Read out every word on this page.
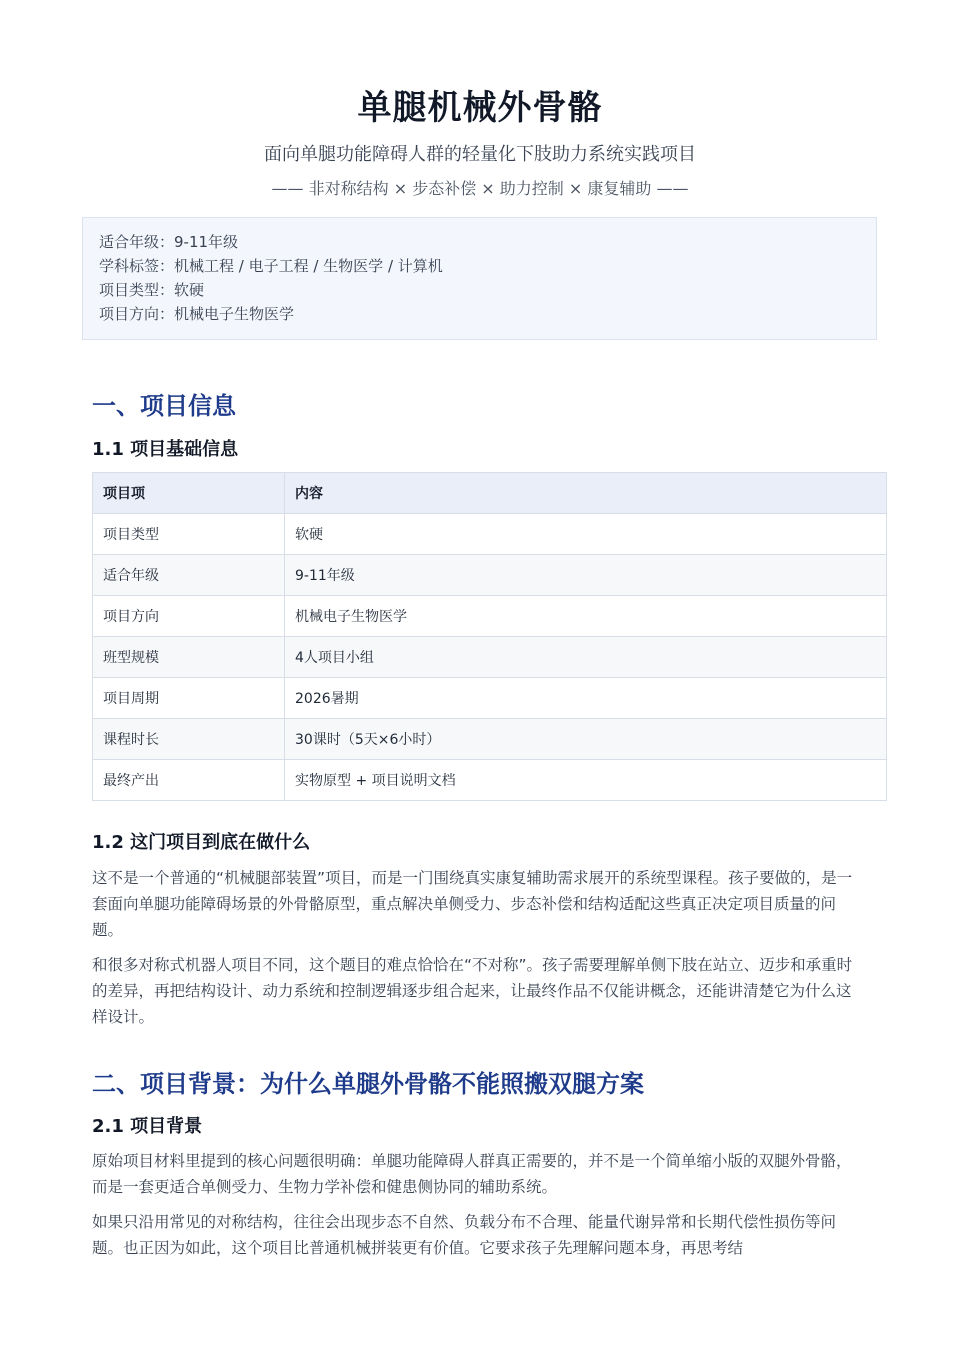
单腿机械外骨骼
面向单腿功能障碍人群的轻量化下肢助力系统实践项目
—— 非对称结构 × 步态补偿 × 助力控制 × 康复辅助 ——
适合年级：9-11年级
学科标签：机械工程 / 电子工程 / 生物医学 / 计算机
项目类型：软硬
项目方向：机械电子生物医学
一、项目信息
1.1 项目基础信息
项目项	内容
项目类型	软硬
适合年级	9-11年级
项目方向	机械电子生物医学
班型规模	4人项目小组
项目周期	2026暑期
课程时长	30课时（5天×6小时）
最终产出	实物原型 + 项目说明文档
1.2 这门项目到底在做什么

这不是一个普通的“机械腿部装置”项目，而是一门围绕真实康复辅助需求展开的系统型课程。孩子要做的，是一套面向单腿功能障碍场景的外骨骼原型，重点解决单侧受力、步态补偿和结构适配这些真正决定项目质量的问题。

和很多对称式机器人项目不同，这个题目的难点恰恰在“不对称”。孩子需要理解单侧下肢在站立、迈步和承重时的差异，再把结构设计、动力系统和控制逻辑逐步组合起来，让最终作品不仅能讲概念，还能讲清楚它为什么这样设计。

二、项目背景：为什么单腿外骨骼不能照搬双腿方案
2.1 项目背景

原始项目材料里提到的核心问题很明确：单腿功能障碍人群真正需要的，并不是一个简单缩小版的双腿外骨骼，而是一套更适合单侧受力、生物力学补偿和健患侧协同的辅助系统。

如果只沿用常见的对称结构，往往会出现步态不自然、负载分布不合理、能量代谢异常和长期代偿性损伤等问题。也正因为如此，这个项目比普通机械拼装更有价值。它要求孩子先理解问题本身，再思考结
